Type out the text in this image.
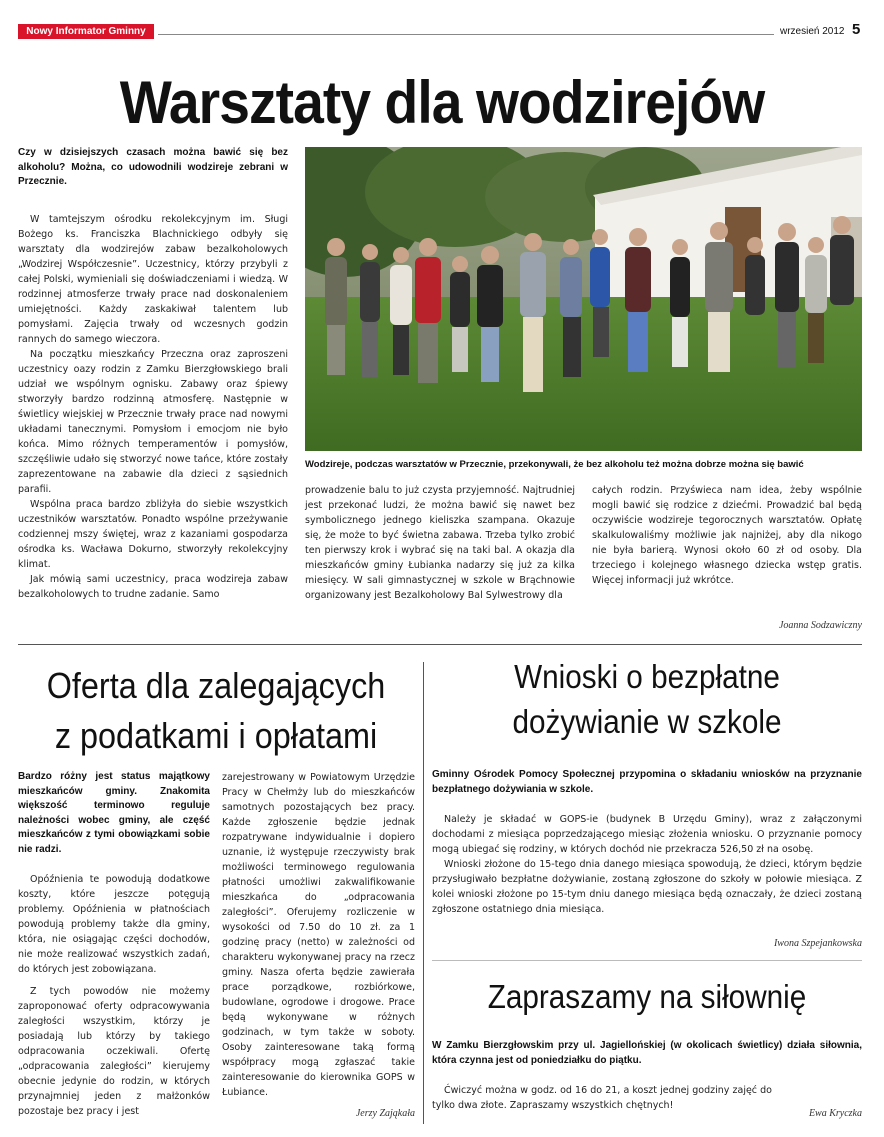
Nowy Informator Gminny	wrzesień 2012 5
Warsztaty dla wodzirejów

Czy w dzisiejszych czasach można bawić się bez alkoholu? Można, co udowodnili wodzireje zebrani w Przecznie.

W tamtejszym ośrodku rekolekcyjnym im. Sługi Bożego ks. Franciszka Blachnickiego odbyły się warsztaty dla wodzirejów zabaw bezalkoholowych „Wodzirej Współczesnie”. Uczestnicy, którzy przybyli z całej Polski, wymieniali się doświadczeniami i wiedzą. W rodzinnej atmosferze trwały prace nad doskonaleniem umiejętności. Każdy zaskakiwał talentem lub pomysłami. Zajęcia trwały od wczesnych godzin rannych do samego wieczora.

Na początku mieszkańcy Przeczna oraz zaproszeni uczestnicy oazy rodzin z Zamku Bierzgłowskiego brali udział we wspólnym ognisku. Zabawy oraz śpiewy stworzyły bardzo rodzinną atmosferę. Następnie w świetlicy wiejskiej w Przecznie trwały prace nad nowymi układami tanecznymi. Pomysłom i emocjom nie było końca. Mimo różnych temperamentów i pomysłów, szczęśliwie udało się stworzyć nowe tańce, które zostały zaprezentowane na zabawie dla dzieci z sąsiednich parafii.

Wspólna praca bardzo zbliżyła do siebie wszystkich uczestników warsztatów. Ponadto wspólne przeżywanie codziennej mszy świętej, wraz z kazaniami gospodarza ośrodka ks. Wacława Dokurno, stworzyły rekolekcyjny klimat.

Jak mówią sami uczestnicy, praca wodzireja zabaw bezalkoholowych to trudne zadanie. Samo

Wodzireje, podczas warsztatów w Przecznie, przekonywali, że bez alkoholu też można dobrze można się bawić

prowadzenie balu to już czysta przyjemność. Najtrudniej jest przekonać ludzi, że można bawić się nawet bez symbolicznego jednego kieliszka szampana. Okazuje się, że może to być świetna zabawa. Trzeba tylko zrobić ten pierwszy krok i wybrać się na taki bal. A okazja dla mieszkańców gminy Łubianka nadarzy się już za kilka miesięcy. W sali gimnastycznej w szkole w Brąchnowie organizowany jest Bezalkoholowy Bal Sylwestrowy dla

całych rodzin. Przyświeca nam idea, żeby wspólnie mogli bawić się rodzice z dziećmi. Prowadzić bal będą oczywiście wodzireje tegorocznych warsztatów. Opłatę skalkulowaliśmy możliwie jak najniżej, aby dla nikogo nie była barierą. Wynosi około 60 zł od osoby. Dla trzeciego i kolejnego własnego dziecka wstęp gratis. Więcej informacji już wkrótce.

Joanna Sodzawiczny
Oferta dla zalegających
z podatkami i opłatami

Bardzo różny jest status majątkowy mieszkańców gminy. Znakomita większość terminowo reguluje należności wobec gminy, ale część mieszkańców z tymi obowiązkami sobie nie radzi.

Opóźnienia te powodują dodatkowe koszty, które jeszcze potęgują problemy. Opóźnienia w płatnościach powodują problemy także dla gminy, która, nie osiągając części dochodów, nie może realizować wszystkich zadań, do których jest zobowiązana.

Z tych powodów nie możemy zaproponować oferty odpracowywania zaległości wszystkim, którzy je posiadają lub którzy by takiego odpracowania oczekiwali. Ofertę „odpracowania zaległości” kierujemy obecnie jedynie do rodzin, w których przynajmniej jeden z małżonków pozostaje bez pracy i jest

zarejestrowany w Powiatowym Urzędzie Pracy w Chełmży lub do mieszkańców samotnych pozostających bez pracy. Każde zgłoszenie będzie jednak rozpatrywane indywidualnie i dopiero uznanie, iż występuje rzeczywisty brak możliwości terminowego regulowania płatności umożliwi zakwalifikowanie mieszkańca do „odpracowania zaległości”. Oferujemy rozliczenie w wysokości od 7.50 do 10 zł. za 1 godzinę pracy (netto) w zależności od charakteru wykonywanej pracy na rzecz gminy. Nasza oferta będzie zawierała prace porządkowe, rozbiórkowe, budowlane, ogrodowe i drogowe. Prace będą wykonywane w różnych godzinach, w tym także w soboty. Osoby zainteresowane taką formą współpracy mogą zgłaszać takie zainteresowanie do kierownika GOPS w Łubiance.

Jerzy Zająkała
Wnioski o bezpłatne
dożywianie w szkole

Gminny Ośrodek Pomocy Społecznej przypomina o składaniu wniosków na przyznanie bezpłatnego dożywiania w szkole.

Należy je składać w GOPS-ie (budynek B Urzędu Gminy), wraz z załączonymi dochodami z miesiąca poprzedzającego miesiąc złożenia wniosku. O przyznanie pomocy mogą ubiegać się rodziny, w których dochód nie przekracza 526,50 zł na osobę.

Wnioski złożone do 15-tego dnia danego miesiąca spowodują, że dzieci, którym będzie przysługiwało bezpłatne dożywianie, zostaną zgłoszone do szkoły w połowie miesiąca. Z kolei wnioski złożone po 15-tym dniu danego miesiąca będą oznaczały, że dzieci zostaną zgłoszone ostatniego dnia miesiąca.

Iwona Szpejankowska
Zapraszamy na siłownię

W Zamku Bierzgłowskim przy ul. Jagiellońskiej (w okolicach świetlicy) działa siłownia, która czynna jest od poniedziałku do piątku.

Ćwiczyć można w godz. od 16 do 21, a koszt jednej godziny zajęć do tylko dwa złote. Zapraszamy wszystkich chętnych!

Ewa Kryczka
